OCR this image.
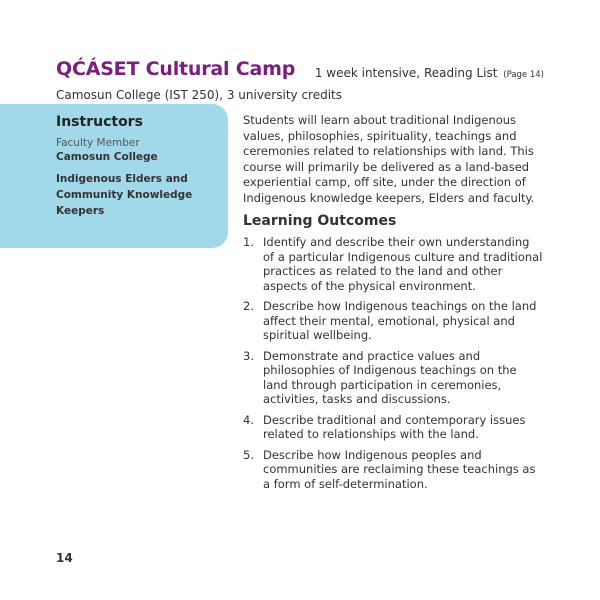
QĆÁSET Cultural Camp 1 week intensive, Reading List (Page 14)
Camosun College (IST 250), 3 university credits
Instructors
Faculty Member
Camosun College
Indigenous Elders and Community Knowledge Keepers
Students will learn about traditional Indigenous values, philosophies, spirituality, teachings and ceremonies related to relationships with land. This course will primarily be delivered as a land-based experiential camp, off site, under the direction of Indigenous knowledge keepers, Elders and faculty.
Learning Outcomes
1. Identify and describe their own understanding of a particular Indigenous culture and traditional practices as related to the land and other aspects of the physical environment.
2. Describe how Indigenous teachings on the land affect their mental, emotional, physical and spiritual wellbeing.
3. Demonstrate and practice values and philosophies of Indigenous teachings on the land through participation in ceremonies, activities, tasks and discussions.
4. Describe traditional and contemporary issues related to relationships with the land.
5. Describe how Indigenous peoples and communities are reclaiming these teachings as a form of self-determination.
14
